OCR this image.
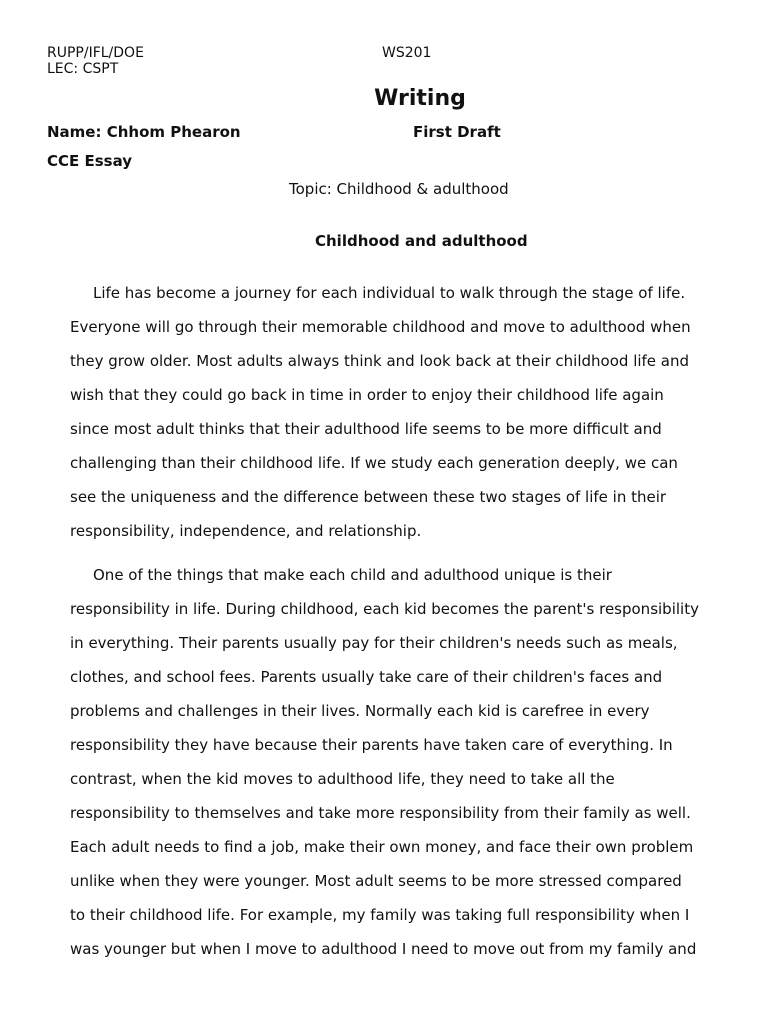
RUPP/IFL/DOE	WS201
LEC: CSPT
Writing
Name: Chhom Phearon	First Draft
CCE Essay
Topic: Childhood & adulthood
Childhood and adulthood
Life has become a journey for each individual to walk through the stage of life.
Everyone will go through their memorable childhood and move to adulthood when
they grow older. Most adults always think and look back at their childhood life and
wish that they could go back in time in order to enjoy their childhood life again
since most adult thinks that their adulthood life seems to be more difficult and
challenging than their childhood life. If we study each generation deeply, we can
see the uniqueness and the difference between these two stages of life in their
responsibility, independence, and relationship.
One of the things that make each child and adulthood unique is their
responsibility in life. During childhood, each kid becomes the parent's responsibility
in everything. Their parents usually pay for their children's needs such as meals,
clothes, and school fees. Parents usually take care of their children's faces and
problems and challenges in their lives. Normally each kid is carefree in every
responsibility they have because their parents have taken care of everything. In
contrast, when the kid moves to adulthood life, they need to take all the
responsibility to themselves and take more responsibility from their family as well.
Each adult needs to find a job, make their own money, and face their own problem
unlike when they were younger. Most adult seems to be more stressed compared
to their childhood life. For example, my family was taking full responsibility when I
was younger but when I move to adulthood I need to move out from my family and
